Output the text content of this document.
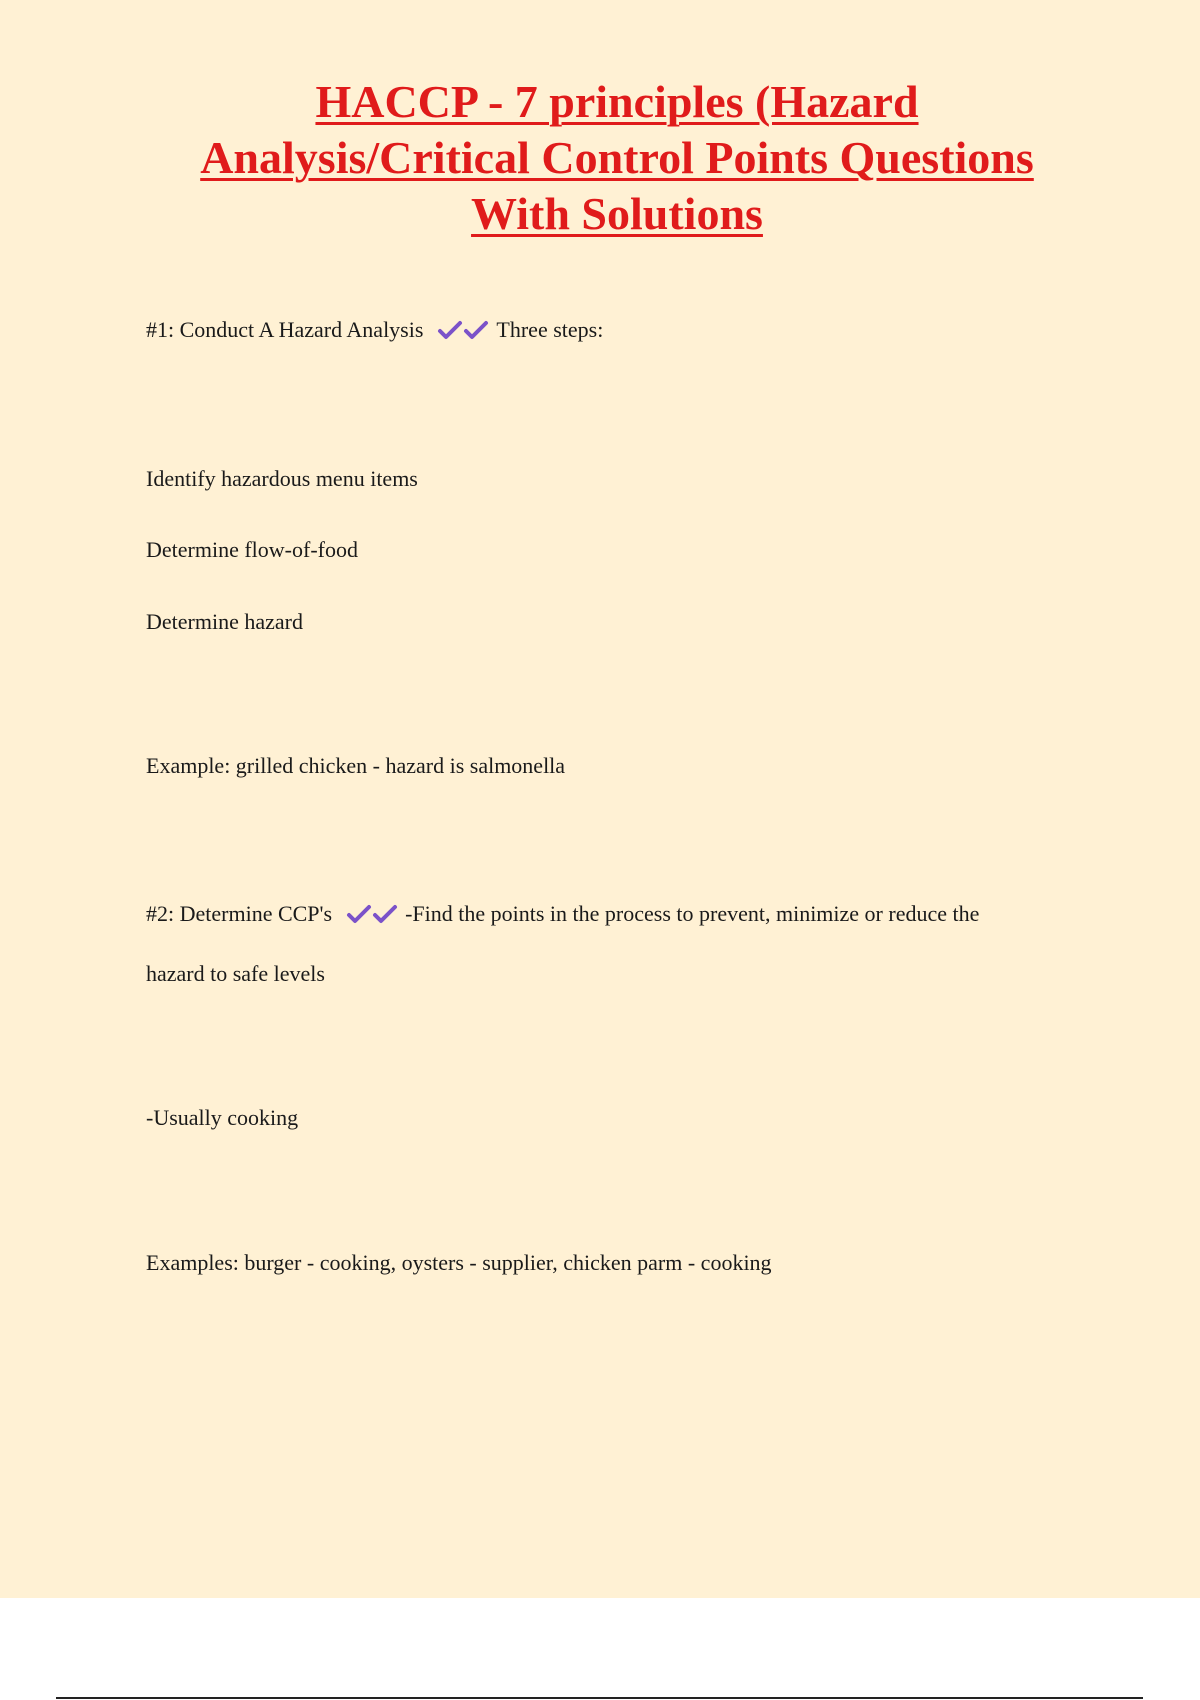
HACCP - 7 principles (Hazard Analysis/Critical Control Points Questions With Solutions

#1: Conduct A Hazard Analysis	Three steps:

Identify hazardous menu items

Determine flow-of-food

Determine hazard

Example: grilled chicken - hazard is salmonella

#2: Determine CCP's	-Find the points in the process to prevent, minimize or reduce the

hazard to safe levels

-Usually cooking

Examples: burger - cooking, oysters - supplier, chicken parm - cooking
